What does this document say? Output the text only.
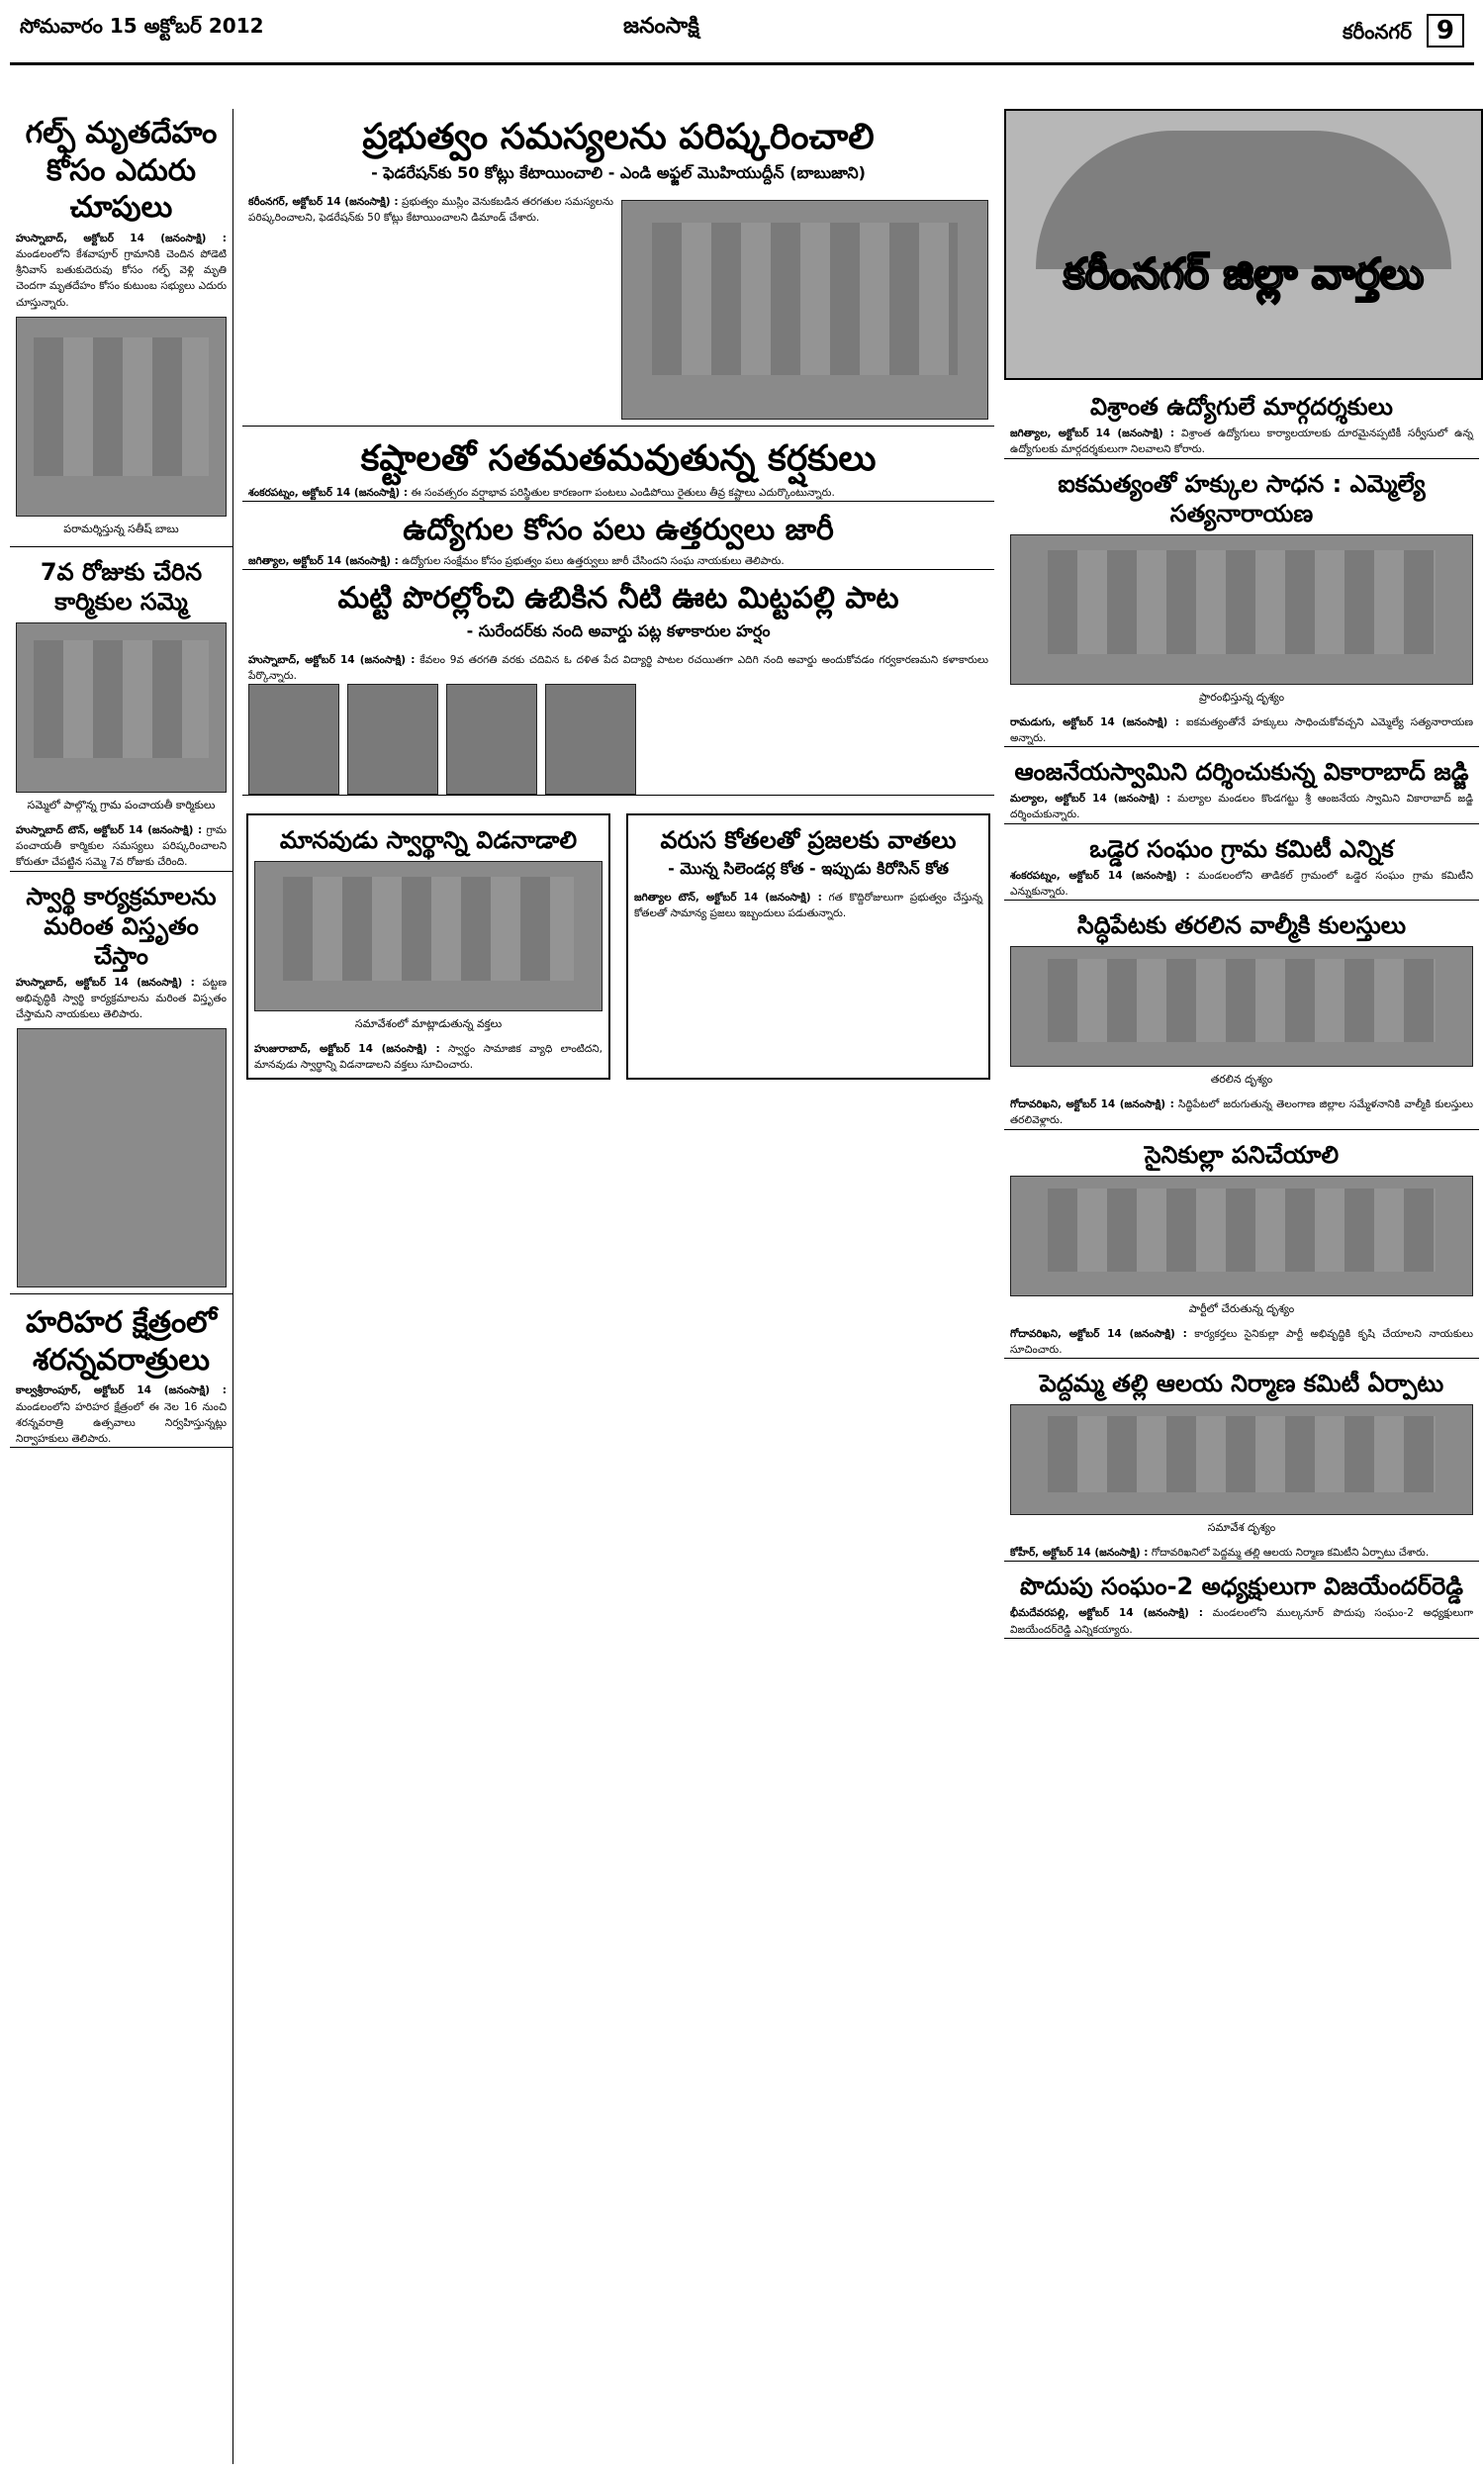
సోమవారం 15 అక్టోబర్ 2012	జనంసాక్షి	కరీంనగర్ 9
గల్ఫ్ మృతదేహం కోసం ఎదురు చూపులు
హుస్నాబాద్, అక్టోబర్ 14 (జనంసాక్షి) : మండలంలోని కేశవాపూర్ గ్రామానికి చెందిన పోడెటి శ్రీనివాస్ బతుకుదెరువు కోసం గల్ఫ్ వెళ్లి మృతి చెందగా మృతదేహం కోసం కుటుంబ సభ్యులు ఎదురు చూస్తున్నారు.
పరామర్శిస్తున్న సతీష్ బాబు
7వ రోజుకు చేరిన కార్మికుల సమ్మె
సమ్మెలో పాల్గొన్న గ్రామ పంచాయతీ కార్మికులు
హుస్నాబాద్ టౌన్, అక్టోబర్ 14 (జనంసాక్షి) : గ్రామ పంచాయతీ కార్మికుల సమస్యలు పరిష్కరించాలని కోరుతూ చేపట్టిన సమ్మె 7వ రోజుకు చేరింది.
స్వార్థి కార్యక్రమాలను మరింత విస్తృతం చేస్తాం
హుస్నాబాద్, అక్టోబర్ 14 (జనంసాక్షి) : పట్టణ అభివృద్ధికి స్వార్థి కార్యక్రమాలను మరింత విస్తృతం చేస్తామని నాయకులు తెలిపారు.
హరిహర క్షేత్రంలో శరన్నవరాత్రులు
కాల్వశ్రీరాంపూర్, అక్టోబర్ 14 (జనంసాక్షి) : మండలంలోని హరిహర క్షేత్రంలో ఈ నెల 16 నుంచి శరన్నవరాత్రి ఉత్సవాలు నిర్వహిస్తున్నట్లు నిర్వాహకులు తెలిపారు.
కరీంనగర్ జిల్లా వార్తలు
ప్రభుత్వం సమస్యలను పరిష్కరించాలి
- ఫెడరేషన్‌కు 50 కోట్లు కేటాయించాలి - ఎండి అఫ్జల్ మొహియుద్దీన్ (బాబుజాని)
కరీంనగర్, అక్టోబర్ 14 (జనంసాక్షి) : ప్రభుత్వం ముస్లిం వెనుకబడిన తరగతుల సమస్యలను పరిష్కరించాలని, ఫెడరేషన్‌కు 50 కోట్లు కేటాయించాలని డిమాండ్ చేశారు.
కష్టాలతో సతమతమవుతున్న కర్షకులు
శంకరపట్నం, అక్టోబర్ 14 (జనంసాక్షి) : ఈ సంవత్సరం వర్షాభావ పరిస్థితుల కారణంగా పంటలు ఎండిపోయి రైతులు తీవ్ర కష్టాలు ఎదుర్కొంటున్నారు.
ఉద్యోగుల కోసం పలు ఉత్తర్వులు జారీ
జగిత్యాల, అక్టోబర్ 14 (జనంసాక్షి) : ఉద్యోగుల సంక్షేమం కోసం ప్రభుత్వం పలు ఉత్తర్వులు జారీ చేసిందని సంఘ నాయకులు తెలిపారు.
మట్టి పొరల్లోంచి ఉబికిన నీటి ఊట మిట్టపల్లి పాట
- సురేందర్‌కు నంది అవార్డు పట్ల కళాకారుల హర్షం
హుస్నాబాద్, అక్టోబర్ 14 (జనంసాక్షి) : కేవలం 9వ తరగతి వరకు చదివిన ఓ దళిత పేద విద్యార్థి పాటల రచయితగా ఎదిగి నంది అవార్డు అందుకోవడం గర్వకారణమని కళాకారులు పేర్కొన్నారు.
మానవుడు స్వార్థాన్ని విడనాడాలి
సమావేశంలో మాట్లాడుతున్న వక్తలు
హుజురాబాద్, అక్టోబర్ 14 (జనంసాక్షి) : స్వార్థం సామాజిక వ్యాధి లాంటిదని, మానవుడు స్వార్థాన్ని విడనాడాలని వక్తలు సూచించారు.
వరుస కోతలతో ప్రజలకు వాతలు
- మొన్న సిలెండర్ల కోత - ఇప్పుడు కిరోసిన్ కోత
జగిత్యాల టౌన్, అక్టోబర్ 14 (జనంసాక్షి) : గత కొద్దిరోజులుగా ప్రభుత్వం చేస్తున్న కోతలతో సామాన్య ప్రజలు ఇబ్బందులు పడుతున్నారు.
విశ్రాంత ఉద్యోగులే మార్గదర్శకులు
జగిత్యాల, అక్టోబర్ 14 (జనంసాక్షి) : విశ్రాంత ఉద్యోగులు కార్యాలయాలకు దూరమైనప్పటికీ సర్వీసులో ఉన్న ఉద్యోగులకు మార్గదర్శకులుగా నిలవాలని కోరారు.
ఐకమత్యంతో హక్కుల సాధన : ఎమ్మెల్యే సత్యనారాయణ
ప్రారంభిస్తున్న దృశ్యం
రామడుగు, అక్టోబర్ 14 (జనంసాక్షి) : ఐకమత్యంతోనే హక్కులు సాధించుకోవచ్చని ఎమ్మెల్యే సత్యనారాయణ అన్నారు.
ఆంజనేయస్వామిని దర్శించుకున్న వికారాబాద్ జడ్జి
మల్యాల, అక్టోబర్ 14 (జనంసాక్షి) : మల్యాల మండలం కొండగట్టు శ్రీ ఆంజనేయ స్వామిని వికారాబాద్ జడ్జి దర్శించుకున్నారు.
ఒడ్డెర సంఘం గ్రామ కమిటీ ఎన్నిక
శంకరపట్నం, అక్టోబర్ 14 (జనంసాక్షి) : మండలంలోని తాడికల్ గ్రామంలో ఒడ్డెర సంఘం గ్రామ కమిటీని ఎన్నుకున్నారు.
సిద్ధిపేటకు తరలిన వాల్మీకి కులస్తులు
తరలిన దృశ్యం
గోదావరిఖని, అక్టోబర్ 14 (జనంసాక్షి) : సిద్ధిపేటలో జరుగుతున్న తెలంగాణ జిల్లాల సమ్మేళనానికి వాల్మీకి కులస్తులు తరలివెళ్లారు.
సైనికుల్లా పనిచేయాలి
పార్టీలో చేరుతున్న దృశ్యం
గోదావరిఖని, అక్టోబర్ 14 (జనంసాక్షి) : కార్యకర్తలు సైనికుల్లా పార్టీ అభివృద్ధికి కృషి చేయాలని నాయకులు సూచించారు.
పెద్దమ్మ తల్లి ఆలయ నిర్మాణ కమిటీ ఏర్పాటు
సమావేశ దృశ్యం
కోహీర్, అక్టోబర్ 14 (జనంసాక్షి) : గోదావరిఖనిలో పెద్దమ్మ తల్లి ఆలయ నిర్మాణ కమిటీని ఏర్పాటు చేశారు.
పొదుపు సంఘం-2 అధ్యక్షులుగా విజయేందర్‌రెడ్డి
భీమదేవరపల్లి, అక్టోబర్ 14 (జనంసాక్షి) : మండలంలోని ముల్కనూర్ పొదుపు సంఘం-2 అధ్యక్షులుగా విజయేందర్‌రెడ్డి ఎన్నికయ్యారు.
